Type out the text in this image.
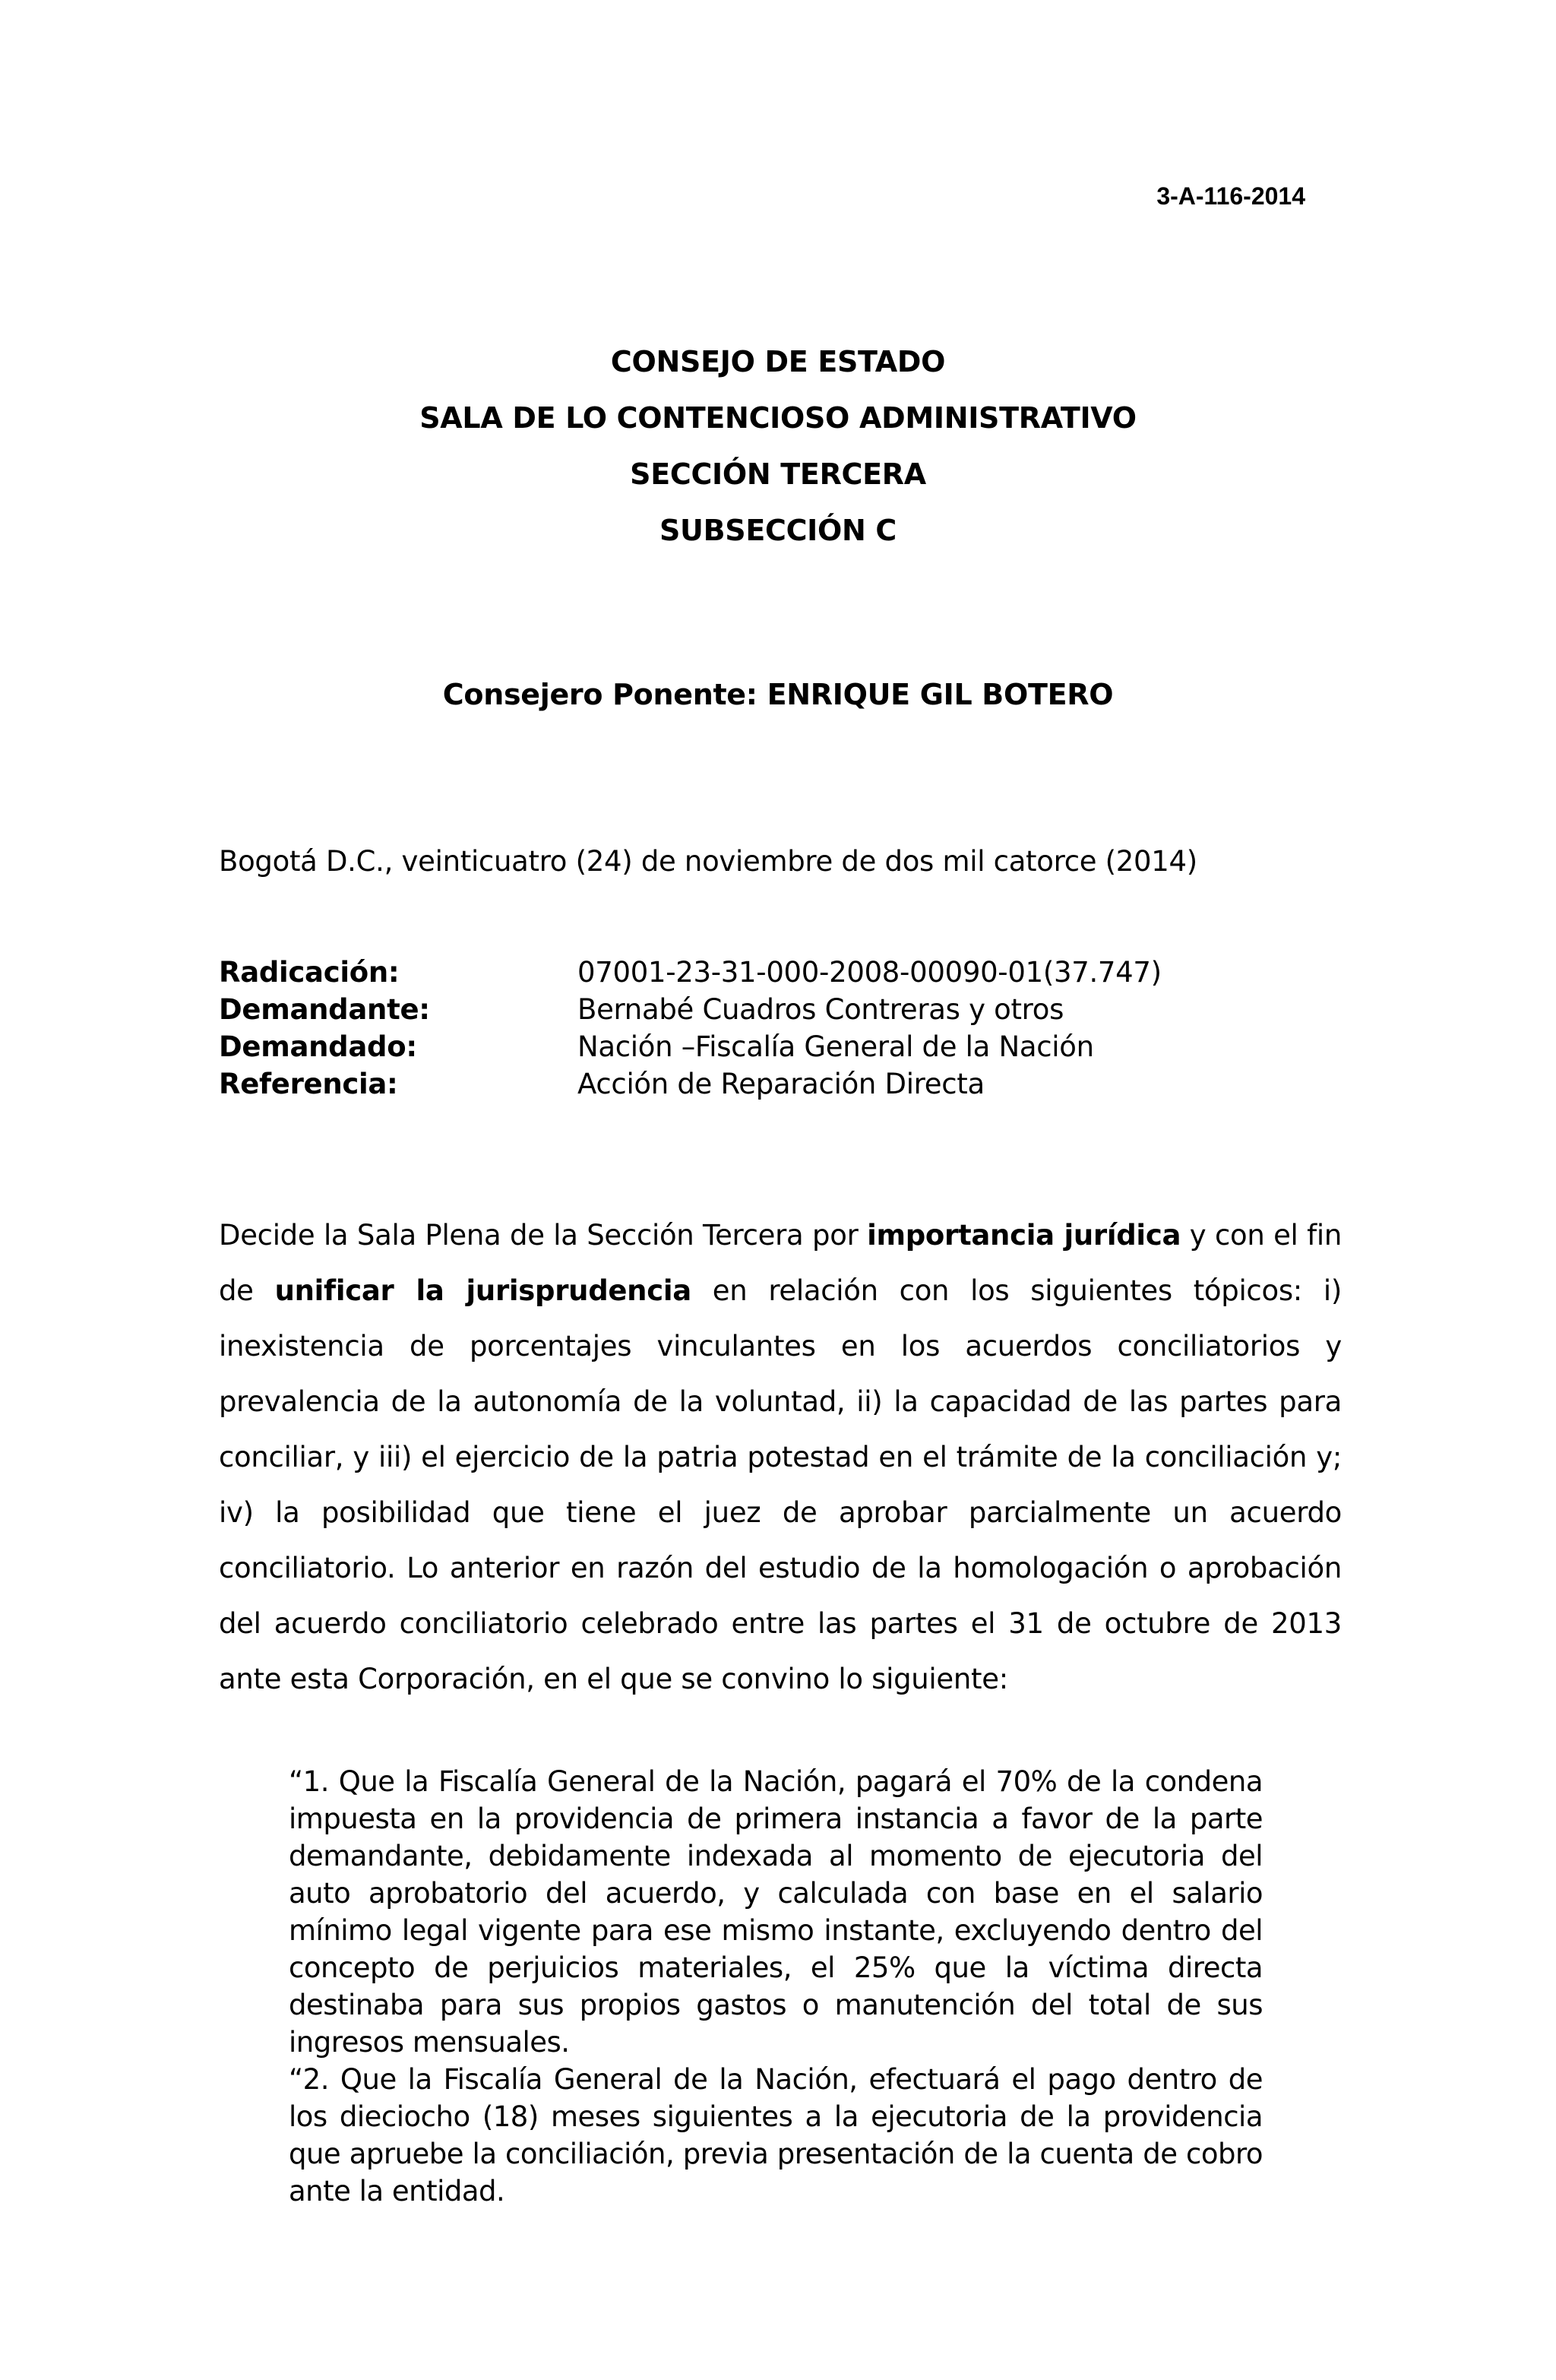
3-A-116-2014
CONSEJO DE ESTADO
SALA DE LO CONTENCIOSO ADMINISTRATIVO
SECCIÓN TERCERA
SUBSECCIÓN C
Consejero Ponente: ENRIQUE GIL BOTERO
Bogotá D.C., veinticuatro (24) de noviembre de dos mil catorce (2014)
Radicación:	07001-23-31-000-2008-00090-01(37.747)
Demandante:	Bernabé Cuadros Contreras y otros
Demandado:	Nación –Fiscalía General de la Nación
Referencia:	Acción de Reparación Directa
Decide la Sala Plena de la Sección Tercera por importancia jurídica y con el fin de unificar la jurisprudencia en relación con los siguientes tópicos: i) inexistencia de porcentajes vinculantes en los acuerdos conciliatorios y prevalencia de la autonomía de la voluntad, ii) la capacidad de las partes para conciliar, y iii) el ejercicio de la patria potestad en el trámite de la conciliación y; iv) la posibilidad que tiene el juez de aprobar parcialmente un acuerdo conciliatorio. Lo anterior en razón del estudio de la homologación o aprobación del acuerdo conciliatorio celebrado entre las partes el 31 de octubre de 2013 ante esta Corporación, en el que se convino lo siguiente:

“1. Que la Fiscalía General de la Nación, pagará el 70% de la condena impuesta en la providencia de primera instancia a favor de la parte demandante, debidamente indexada al momento de ejecutoria del auto aprobatorio del acuerdo, y calculada con base en el salario mínimo legal vigente para ese mismo instante, excluyendo dentro del concepto de perjuicios materiales, el 25% que la víctima directa destinaba para sus propios gastos o manutención del total de sus ingresos mensuales.

“2. Que la Fiscalía General de la Nación, efectuará el pago dentro de los dieciocho (18) meses siguientes a la ejecutoria de la providencia que apruebe la conciliación, previa presentación de la cuenta de cobro ante la entidad.
